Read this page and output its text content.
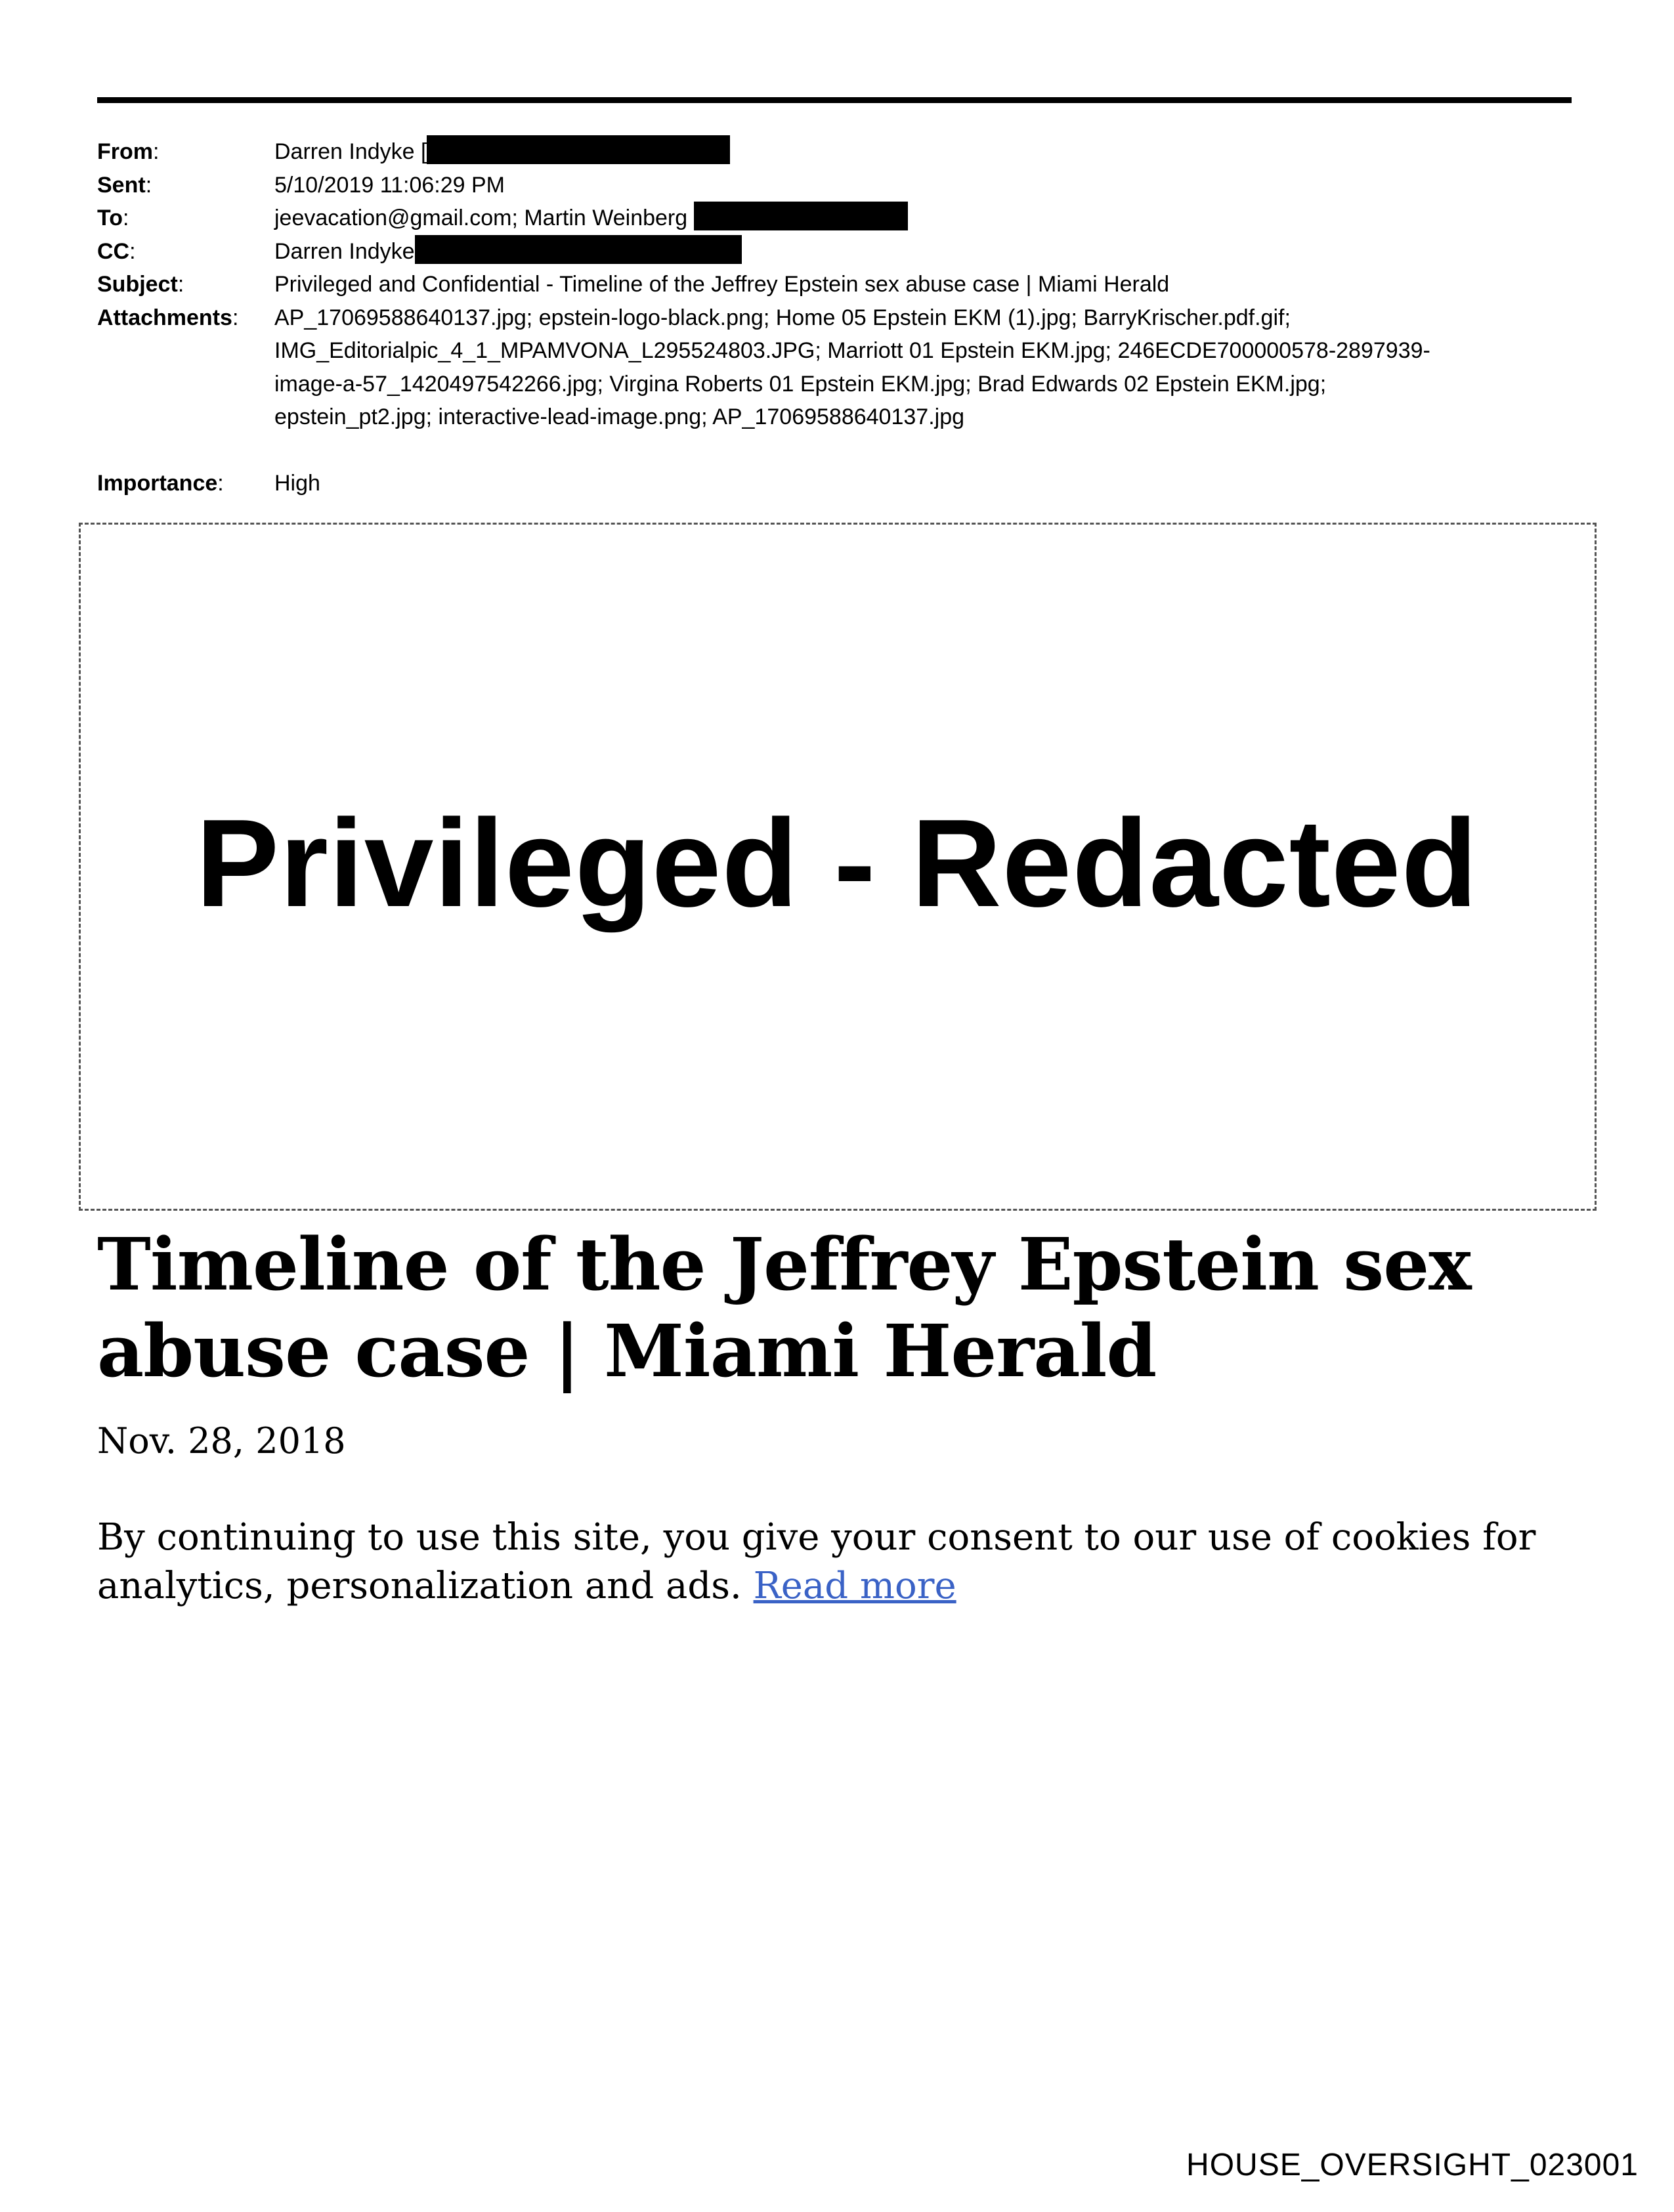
From:	Darren Indyke [
Sent:	5/10/2019 11:06:29 PM
To:	jeevacation@gmail.com; Martin Weinberg
CC:	Darren Indyke
Subject:	Privileged and Confidential - Timeline of the Jeffrey Epstein sex abuse case | Miami Herald
Attachments:	AP_17069588640137.jpg; epstein-logo-black.png; Home 05 Epstein EKM (1).jpg; BarryKrischer.pdf.gif;
IMG_Editorialpic_4_1_MPAMVONA_L295524803.JPG; Marriott 01 Epstein EKM.jpg; 246ECDE700000578-2897939-
image-a-57_1420497542266.jpg; Virgina Roberts 01 Epstein EKM.jpg; Brad Edwards 02 Epstein EKM.jpg;
epstein_pt2.jpg; interactive-lead-image.png; AP_17069588640137.jpg
Importance:	High
Privileged - Redacted
Timeline of the Jeffrey Epstein sex abuse case | Miami Herald
Nov. 28, 2018
By continuing to use this site, you give your consent to our use of cookies for analytics, personalization and ads. Read more
HOUSE_OVERSIGHT_023001
